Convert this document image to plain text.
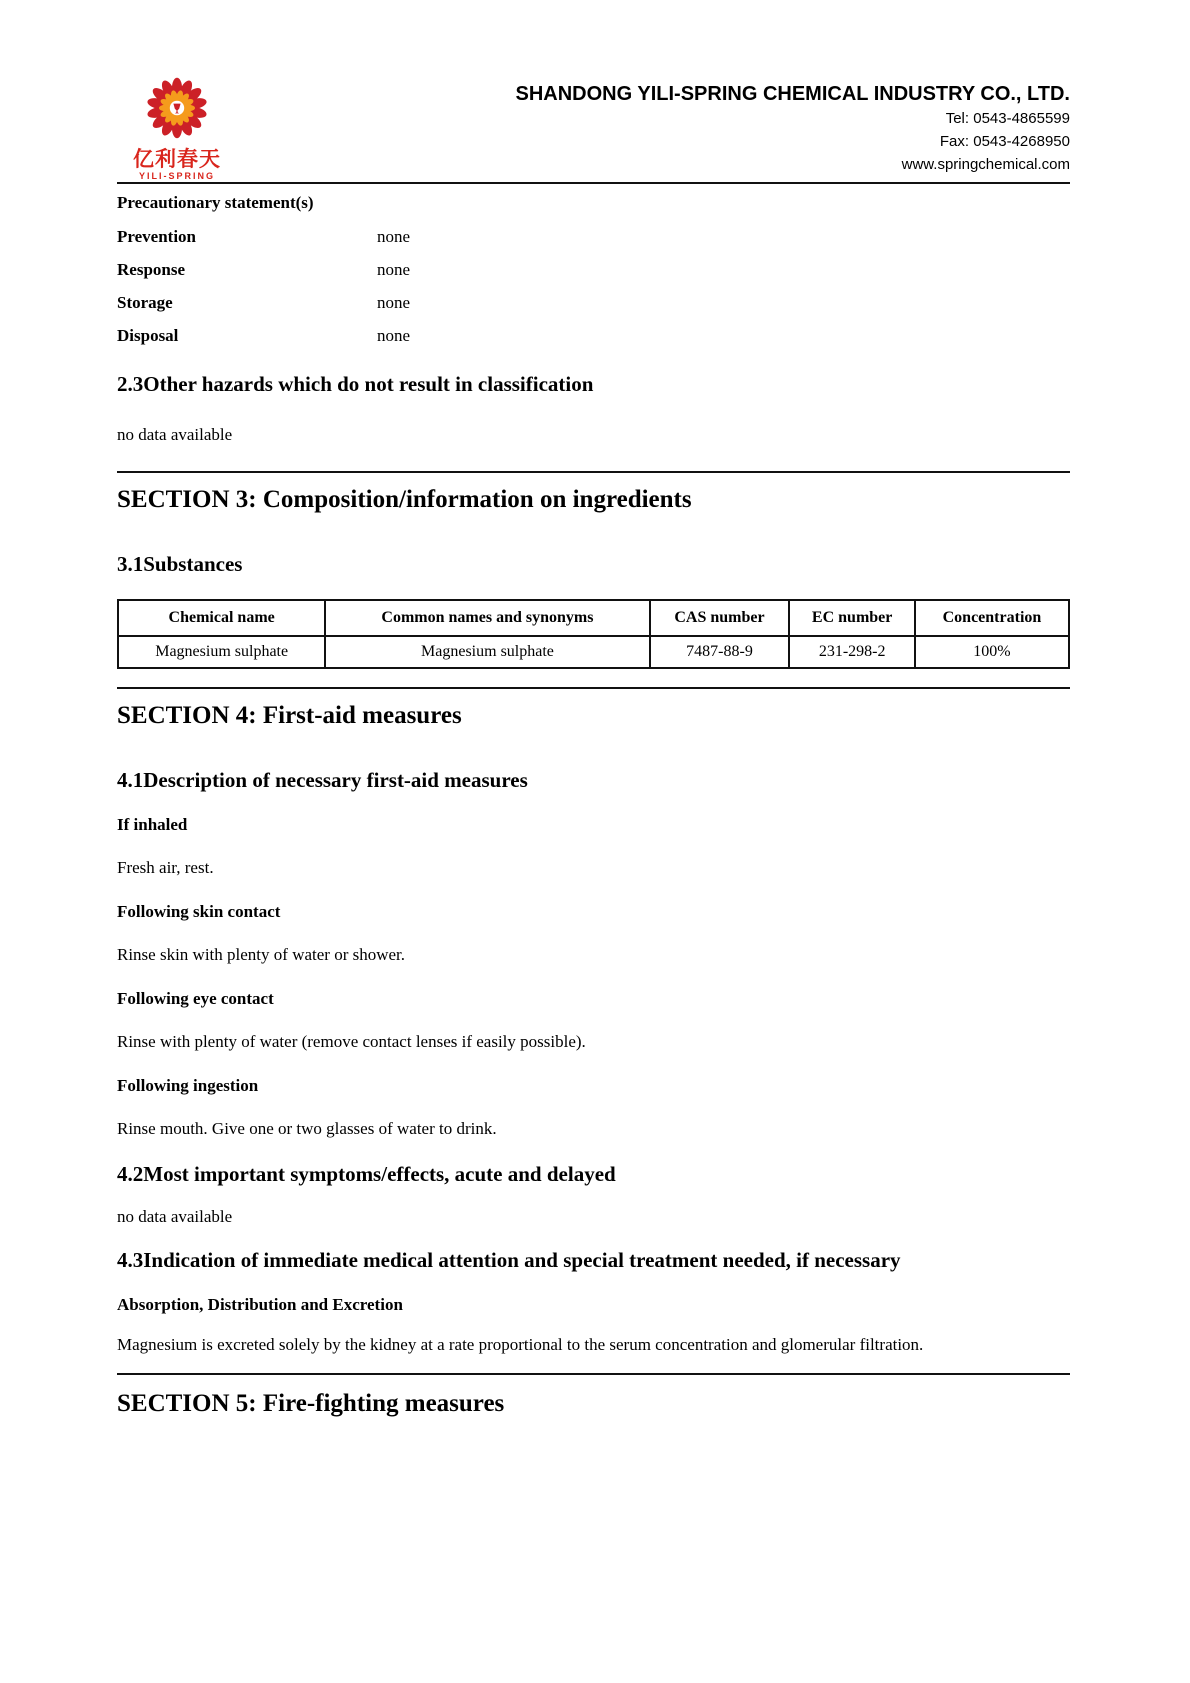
亿利春天
YILI-SPRING
SHANDONG YILI-SPRING CHEMICAL INDUSTRY CO., LTD.
Tel: 0543-4865599
Fax: 0543-4268950
www.springchemical.com
Precautionary statement(s)
Prevention	none
Response	none
Storage	none
Disposal	none
2.3Other hazards which do not result in classification

no data available

SECTION 3: Composition/information on ingredients
3.1Substances
Chemical name	Common names and synonyms	CAS number	EC number	Concentration
Magnesium sulphate	Magnesium sulphate	7487-88-9	231-298-2	100%
SECTION 4: First-aid measures
4.1Description of necessary first-aid measures

If inhaled

Fresh air, rest.

Following skin contact

Rinse skin with plenty of water or shower.

Following eye contact

Rinse with plenty of water (remove contact lenses if easily possible).

Following ingestion

Rinse mouth. Give one or two glasses of water to drink.

4.2Most important symptoms/effects, acute and delayed

no data available

4.3Indication of immediate medical attention and special treatment needed, if necessary

Absorption, Distribution and Excretion

Magnesium is excreted solely by the kidney at a rate proportional to the serum concentration and glomerular filtration.

SECTION 5: Fire-fighting measures
